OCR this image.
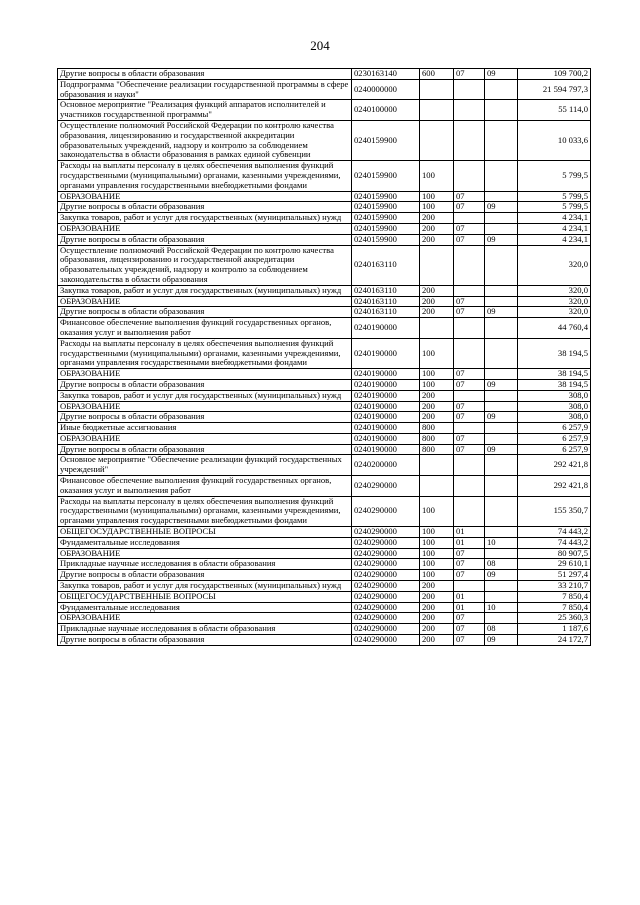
204
Другие вопросы в области образования	0230163140	600	07	09	109 700,2
Подпрограмма "Обеспечение реализации государственной программы в сфере образования и науки"	0240000000				21 594 797,3
Основное мероприятие "Реализация функций аппаратов исполнителей и участников государственной программы"	0240100000				55 114,0
Осуществление полномочий Российской Федерации по контролю качества образования, лицензированию и государственной аккредитации образовательных учреждений, надзору и контролю за соблюдением законодательства в области образования в рамках единой субвенции	0240159900				10 033,6
Расходы на выплаты персоналу в целях обеспечения выполнения функций государственными (муниципальными) органами, казенными учреждениями, органами управления государственными внебюджетными фондами	0240159900	100			5 799,5
ОБРАЗОВАНИЕ	0240159900	100	07		5 799,5
Другие вопросы в области образования	0240159900	100	07	09	5 799,5
Закупка товаров, работ и услуг для государственных (муниципальных) нужд	0240159900	200			4 234,1
ОБРАЗОВАНИЕ	0240159900	200	07		4 234,1
Другие вопросы в области образования	0240159900	200	07	09	4 234,1
Осуществление полномочий Российской Федерации по контролю качества образования, лицензированию и государственной аккредитации образовательных учреждений, надзору и контролю за соблюдением законодательства в области образования	0240163110				320,0
Закупка товаров, работ и услуг для государственных (муниципальных) нужд	0240163110	200			320,0
ОБРАЗОВАНИЕ	0240163110	200	07		320,0
Другие вопросы в области образования	0240163110	200	07	09	320,0
Финансовое обеспечение выполнения функций государственных органов, оказания услуг и выполнения работ	0240190000				44 760,4
Расходы на выплаты персоналу в целях обеспечения выполнения функций государственными (муниципальными) органами, казенными учреждениями, органами управления государственными внебюджетными фондами	0240190000	100			38 194,5
ОБРАЗОВАНИЕ	0240190000	100	07		38 194,5
Другие вопросы в области образования	0240190000	100	07	09	38 194,5
Закупка товаров, работ и услуг для государственных (муниципальных) нужд	0240190000	200			308,0
ОБРАЗОВАНИЕ	0240190000	200	07		308,0
Другие вопросы в области образования	0240190000	200	07	09	308,0
Иные бюджетные ассигнования	0240190000	800			6 257,9
ОБРАЗОВАНИЕ	0240190000	800	07		6 257,9
Другие вопросы в области образования	0240190000	800	07	09	6 257,9
Основное мероприятие "Обеспечение реализации функций государственных учреждений"	0240200000				292 421,8
Финансовое обеспечение выполнения функций государственных органов, оказания услуг и выполнения работ	0240290000				292 421,8
Расходы на выплаты персоналу в целях обеспечения выполнения функций государственными (муниципальными) органами, казенными учреждениями, органами управления государственными внебюджетными фондами	0240290000	100			155 350,7
ОБЩЕГОСУДАРСТВЕННЫЕ ВОПРОСЫ	0240290000	100	01		74 443,2
Фундаментальные исследования	0240290000	100	01	10	74 443,2
ОБРАЗОВАНИЕ	0240290000	100	07		80 907,5
Прикладные научные исследования в области образования	0240290000	100	07	08	29 610,1
Другие вопросы в области образования	0240290000	100	07	09	51 297,4
Закупка товаров, работ и услуг для государственных (муниципальных) нужд	0240290000	200			33 210,7
ОБЩЕГОСУДАРСТВЕННЫЕ ВОПРОСЫ	0240290000	200	01		7 850,4
Фундаментальные исследования	0240290000	200	01	10	7 850,4
ОБРАЗОВАНИЕ	0240290000	200	07		25 360,3
Прикладные научные исследования в области образования	0240290000	200	07	08	1 187,6
Другие вопросы в области образования	0240290000	200	07	09	24 172,7
